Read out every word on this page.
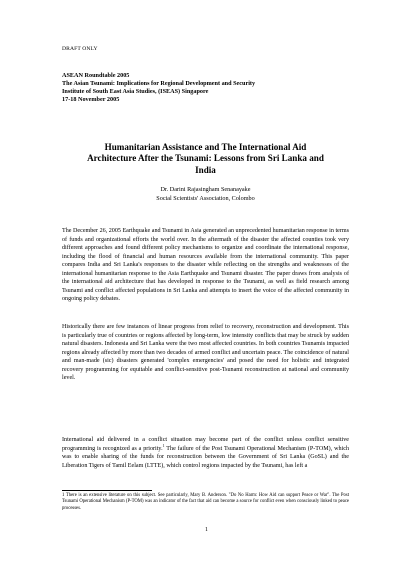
DRAFT ONLY
ASEAN Roundtable 2005
The Asian Tsunami: Implications for Regional Development and Security
Institute of South East Asia Studies, (ISEAS) Singapore
17-18 November 2005
Humanitarian Assistance and The International Aid
Architecture After the Tsunami: Lessons from Sri Lanka and
India
Dr. Darini Rajasingham Senanayake
Social Scientists' Association, Colombo

The December 26, 2005 Earthquake and Tsunami in Asia generated an unprecedented humanitarian response in terms of funds and organizational efforts the world over. In the aftermath of the disaster the affected counties took very different approaches and found different policy mechanisms to organize and coordinate the international response, including the flood of financial and human resources available from the international community. This paper compares India and Sri Lanka's responses to the disaster while reflecting on the strengths and weaknesses of the international humanitarian response to the Asia Earthquake and Tsunami disaster. The paper draws from analysis of the international aid architecture that has developed in response to the Tsunami, as well as field research among Tsunami and conflict affected populations in Sri Lanka and attempts to insert the voice of the affected community in ongoing policy debates.

Historically there are few instances of linear progress from relief to recovery, reconstruction and development. This is particularly true of countries or regions affected by long-term, low intensity conflicts that may be struck by sudden natural disasters. Indonesia and Sri Lanka were the two most affected countries. In both countries Tsunamis impacted regions already affected by more than two decades of armed conflict and uncertain peace. The coincidence of natural and man-made (sic) disasters generated 'complex emergencies' and posed the need for holistic and integrated recovery programming for equitable and conflict-sensitive post-Tsunami reconstruction at national and community level.

International aid delivered in a conflict situation may become part of the conflict unless conflict sensitive programming is recognized as a priority.$^1$ The failure of the Post Tsunami Operational Mechanism (P-TOM), which was to enable sharing of the funds for reconstruction between the Government of Sri Lanka (GoSL) and the Liberation Tigers of Tamil Eelam (LTTE), which control regions impacted by the Tsunami, has left a

1 There is an extensive literature on this subject. See particularly, Mary B. Anderson. "Do No Harm: How Aid can support Peace or War". The Post Tsunami Operational Mechanism (P-TOM) was an indicator of the fact that aid can become a source for conflict even when consciously linked to peace processes.

1
